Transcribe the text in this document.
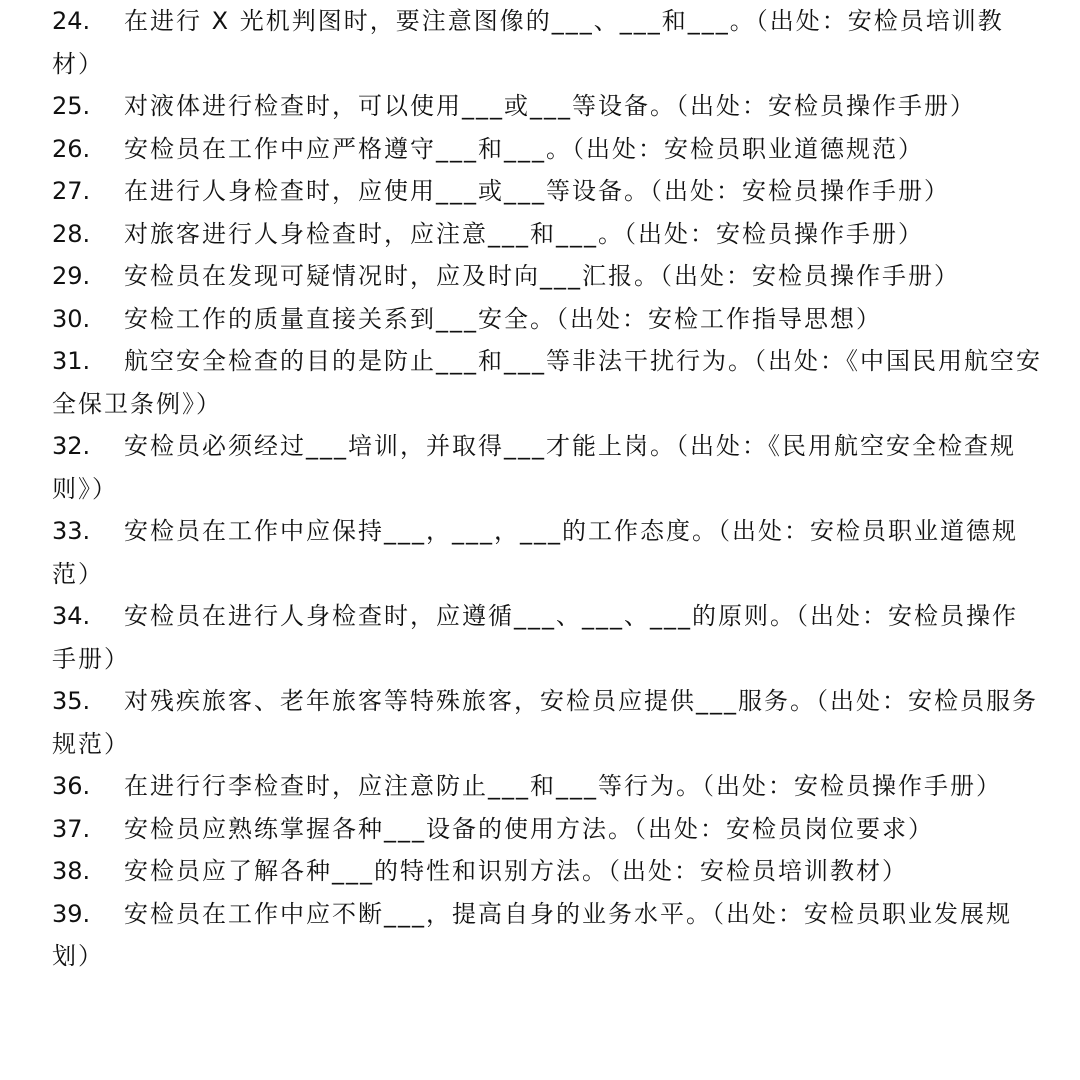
24. 在进行 X 光机判图时，要注意图像的___、___和___。（出处：安检员培训教材）

25. 对液体进行检查时，可以使用___或___等设备。（出处：安检员操作手册）

26. 安检员在工作中应严格遵守___和___。（出处：安检员职业道德规范）

27. 在进行人身检查时，应使用___或___等设备。（出处：安检员操作手册）

28. 对旅客进行人身检查时，应注意___和___。（出处：安检员操作手册）

29. 安检员在发现可疑情况时，应及时向___汇报。（出处：安检员操作手册）

30. 安检工作的质量直接关系到___安全。（出处：安检工作指导思想）

31. 航空安全检查的目的是防止___和___等非法干扰行为。（出处：《中国民用航空安全保卫条例》）

32. 安检员必须经过___培训，并取得___才能上岗。（出处：《民用航空安全检查规则》）

33. 安检员在工作中应保持___，___，___的工作态度。（出处：安检员职业道德规范）

34. 安检员在进行人身检查时，应遵循___、___、___的原则。（出处：安检员操作手册）

35. 对残疾旅客、老年旅客等特殊旅客，安检员应提供___服务。（出处：安检员服务规范）

36. 在进行行李检查时，应注意防止___和___等行为。（出处：安检员操作手册）

37. 安检员应熟练掌握各种___设备的使用方法。（出处：安检员岗位要求）

38. 安检员应了解各种___的特性和识别方法。（出处：安检员培训教材）

39. 安检员在工作中应不断___，提高自身的业务水平。（出处：安检员职业发展规划）
